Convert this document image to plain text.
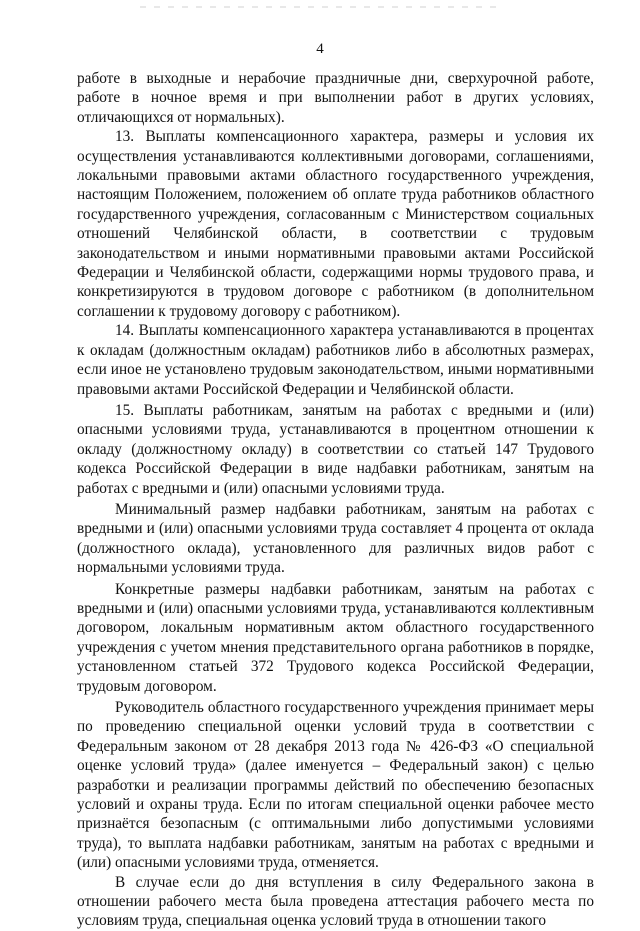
4

работе в выходные и нерабочие праздничные дни, сверхурочной работе, работе в ночное время и при выполнении работ в других условиях, отличающихся от нормальных).

13. Выплаты компенсационного характера, размеры и условия их осуществления устанавливаются коллективными договорами, соглашениями, локальными правовыми актами областного государственного учреждения, настоящим Положением, положением об оплате труда работников областного государственного учреждения, согласованным с Министерством социальных отношений Челябинской области, в соответствии с трудовым законодательством и иными нормативными правовыми актами Российской Федерации и Челябинской области, содержащими нормы трудового права, и конкретизируются в трудовом договоре с работником (в дополнительном соглашении к трудовому договору с работником).

14. Выплаты компенсационного характера устанавливаются в процентах к окладам (должностным окладам) работников либо в абсолютных размерах, если иное не установлено трудовым законодательством, иными нормативными правовыми актами Российской Федерации и Челябинской области.

15. Выплаты работникам, занятым на работах с вредными и (или) опасными условиями труда, устанавливаются в процентном отношении к окладу (должностному окладу) в соответствии со статьей 147 Трудового кодекса Российской Федерации в виде надбавки работникам, занятым на работах с вредными и (или) опасными условиями труда.

Минимальный размер надбавки работникам, занятым на работах с вредными и (или) опасными условиями труда составляет 4 процента от оклада (должностного оклада), установленного для различных видов работ с нормальными условиями труда.

Конкретные размеры надбавки работникам, занятым на работах с вредными и (или) опасными условиями труда, устанавливаются коллективным договором, локальным нормативным актом областного государственного учреждения с учетом мнения представительного органа работников в порядке, установленном статьей 372 Трудового кодекса Российской Федерации, трудовым договором.

Руководитель областного государственного учреждения принимает меры по проведению специальной оценки условий труда в соответствии с Федеральным законом от 28 декабря 2013 года № 426-ФЗ «О специальной оценке условий труда» (далее именуется – Федеральный закон) с целью разработки и реализации программы действий по обеспечению безопасных условий и охраны труда. Если по итогам специальной оценки рабочее место признаётся безопасным (с оптимальными либо допустимыми условиями труда), то выплата надбавки работникам, занятым на работах с вредными и (или) опасными условиями труда, отменяется.

В случае если до дня вступления в силу Федерального закона в отношении рабочего места была проведена аттестация рабочего места по условиям труда, специальная оценка условий труда в отношении такого
